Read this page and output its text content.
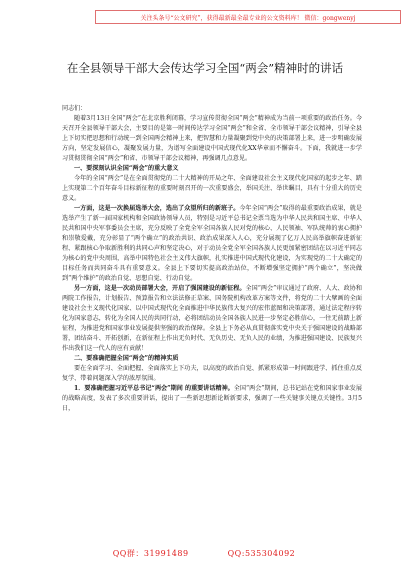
关注头条号“公文研究”，获得最新最全最专业的公文资料库！ 微信：gongwenyj
在全县领导干部大会传达学习全国“两会”精神时的讲话

同志们：

随着3月13日全国“两会”在北京胜利闭幕，学习宣传贯彻全国“两会”精神成为当前一项重要的政治任务。今天召开全县领导干部大会，主要目的是第一时间传达学习全国“两会”和全省、全市领导干部会议精神，引导全县上下切实把思想和行动统一到全国两会精神上来，把智慧和力量凝聚到党中央的决策部署上来，进一步明确发展方向，坚定发展信心，凝聚发展力量，为谱写全面建设中国式现代化XX华章而不懈奋斗。下面，我就进一步学习贯彻贯彻全国“两会”和省、市领导干部会议精神，再强调几点意见。

一、要深刻认识全国“两会”的重大意义

今年的全国“两会”是在全面贯彻党的二十大精神的开局之年、全面建设社会主义现代化国家的起步之年、踏上实现第二个百年奋斗目标新征程的重要时刻召开的一次重要盛会，举国关注、举世瞩目，具有十分重大的历史意义。

一方面，这是一次换届选举大会，选出了众望所归的新班子。今年全国“两会”取得的最重要政治成果，就是选举产生了新一届国家机构和全国政协领导人员，特别是习近平总书记全票当选为中华人民共和国主席、中华人民共和国中央军事委员会主席，充分反映了全党全军全国各族人民对党的核心、人民领袖、军队统帅的衷心拥护和崇敬爱戴，充分彰显了“两个确立”的政治共识、政治成果深入人心，充分展现了亿万人民高举旗帜奋进新征程、紧跟核心争取新胜利的共同心声和坚定决心，对于动员全党全军全国各族人民更加紧密团结在以习近平同志为核心的党中央周围，高举中国特色社会主义伟大旗帜，扎实推进中国式现代化建设，为实现党的二十大确定的目标任务而共同奋斗具有重要意义。全县上下要切实提高政治站位，不断增强坚定拥护“两个确立”，坚决做到“两个维护”的政治自觉、思想自觉、行动自觉。

另一方面，这是一次动员部署大会，开启了强国建设的新征程。全国“两会”审议通过了政府、人大、政协和两院工作报告，计划报告、预算报告和立法法修正草案、国务院机构改革方案等文件，将党的二十大擘画的全面建设社会主义现代化国家、以中国式现代化全面推进中华民族伟大复兴的宏伟蓝图和决策部署，通过法定程序转化为国家意志，转化为全国人民的共同行动，必将团结动员全国各族人民进一步坚定必胜信心，一往无前踏上新征程，为推进党和国家事业发展提供坚强的政治保障。全县上下务必从真贯彻落实党中央关于强国建设的战略部署，团结奋斗、开拓创新，在新征程上作出无负时代、无负历史、无负人民的业绩，为推进强国建设、民族复兴作出我们这一代人的应有贡献！

二、要准确把握全国“两会”的精神实质

要在全面学习、全面把握、全面落实上下功夫，以高度的政治自觉、抓紧形成第一时间跟进学、抓住重点反复学、带着问题深入学的浓厚氛围。

1．要准确把握习近平总书记“两会”期间 的重要讲话精神。全国“两会”期间，总书记站在党和国家事业发展的战略高度，发表了多次重要讲话，提出了一些新思想新论断新要求，强调了一些关键事关键点关键性。3月5日，

QQ群：31991489	QQ:535304092
